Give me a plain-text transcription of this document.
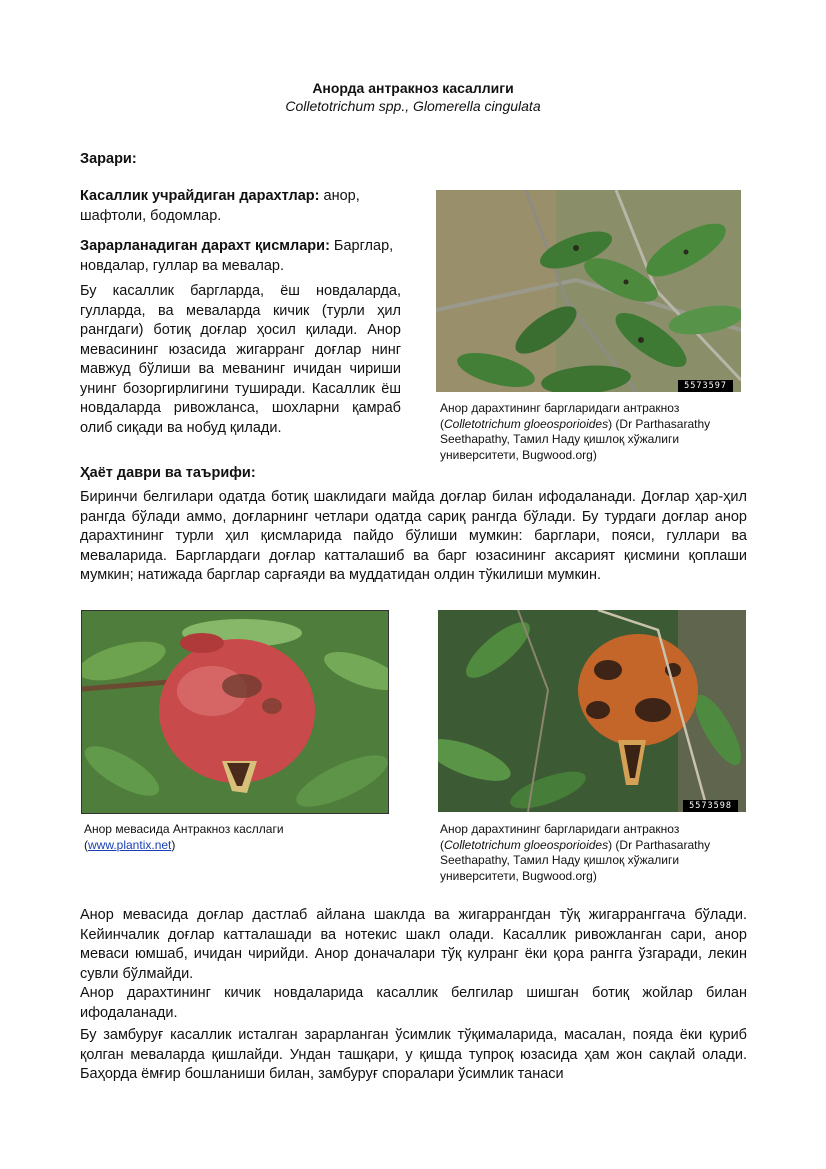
Анорда антракноз касаллиги
Colletotrichum spp., Glomerella cingulata
Зарари:
Касаллик учрайдиган дарахтлар: анор, шафтоли, бодомлар.
Зарарланадиган дарахт қисмлари: Барглар, новдалар, гуллар ва мевалар.
Бу касаллик баргларда, ёш новдаларда, гулларда, ва меваларда кичик (турли ҳил рангдаги) ботиқ доғлар ҳосил қилади. Анор мевасининг юзасида жигарранг доғлар нинг мавжуд бўлиши ва меванинг ичидан чириши унинг бозоргирлигини туширади. Касаллик ёш новдаларда ривожланса, шохларни қамраб олиб сиқади ва нобуд қилади.
5573597
Анор дарахтининг баргларидаги антракноз (Colletotrichum gloeosporioides) (Dr Parthasarathy Seethapathy, Тамил Наду қишлоқ хўжалиги университети, Bugwood.org)
Ҳаёт даври ва таърифи:
Биринчи белгилари одатда ботиқ шаклидаги майда доғлар билан ифодаланади. Доғлар ҳар-ҳил рангда бўлади аммо, доғларнинг четлари одатда сариқ рангда бўлади. Бу турдаги доғлар анор дарахтининг турли ҳил қисмларида пайдо бўлиши мумкин: барглари, пояси, гуллари ва меваларида. Барглардаги доғлар катталашиб ва барг юзасининг аксарият қисмини қоплаши мумкин; натижада барглар сарғаяди ва муддатидан олдин тўкилиши мумкин.
Анор мевасида Антракноз касллаги
(www.plantix.net)
5573598
Анор дарахтининг баргларидаги антракноз (Colletotrichum gloeosporioides) (Dr Parthasarathy Seethapathy, Тамил Наду қишлоқ хўжалиги университети, Bugwood.org)
Анор мевасида доғлар дастлаб айлана шаклда ва жигаррангдан тўқ жигарранггача бўлади. Кейинчалик доғлар катталашади ва нотекис шакл олади. Касаллик ривожланган сари, анор меваси юмшаб, ичидан чирийди. Анор доначалари тўқ кулранг ёки қора рангга ўзгаради, лекин сувли бўлмайди.
Анор дарахтининг кичик новдаларида касаллик белгилар шишган ботиқ жойлар билан ифодаланади.
Бу замбуруғ касаллик исталган зарарланган ўсимлик тўқималарида, масалан, пояда ёки қуриб қолган меваларда қишлайди. Ундан ташқари, у қишда тупроқ юзасида ҳам жон сақлай олади. Баҳорда ёмғир бошланиши билан, замбуруғ споралари ўсимлик танаси
